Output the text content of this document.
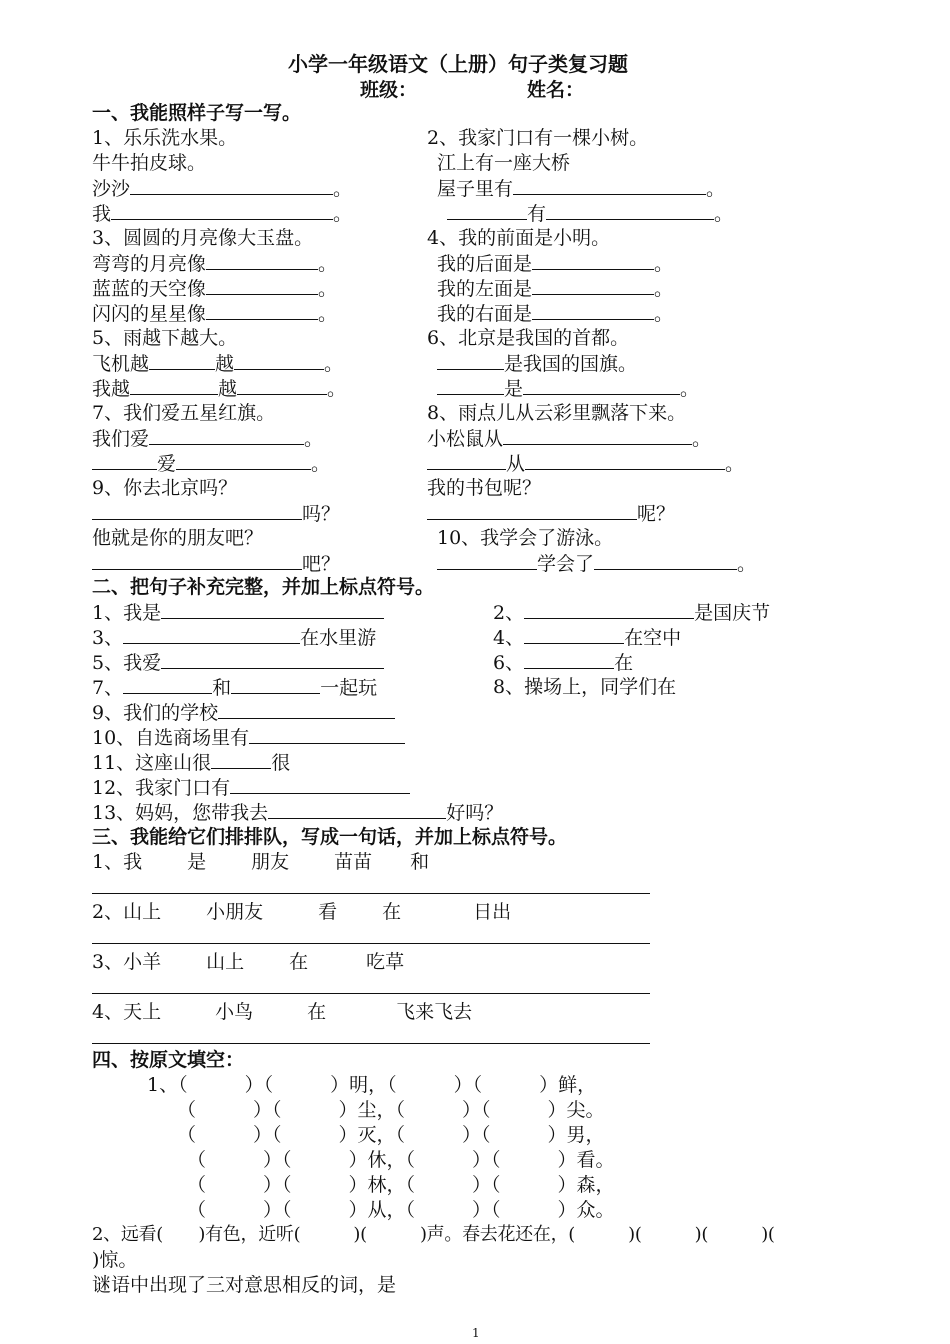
小学一年级语文（上册）句子类复习题
班级：	姓名：
一、我能照样子写一写。
1、乐乐洗水果。
牛牛拍皮球。
沙沙	。
我	。
2、我家门口有一棵小树。
江上有一座大桥
屋子里有	。
有	。
3、圆圆的月亮像大玉盘。
弯弯的月亮像	。
蓝蓝的天空像	。
闪闪的星星像	。
4、我的前面是小明。
我的后面是	。
我的左面是	。
我的右面是	。
5、雨越下越大。
飞机越	越	。
我越	越	。
6、北京是我国的首都。
是我国的国旗。
是	。
7、我们爱五星红旗。
我们爱	。
爱	。
8、雨点儿从云彩里飘落下来。
小松鼠从	。
从	。
9、你去北京吗？
吗？
他就是你的朋友吧？
吧？
我的书包呢？
呢？
10、我学会了游泳。
学会了	。
二、把句子补充完整，并加上标点符号。
1、我是	2、	是国庆节
3、	在水里游	4、	在空中
5、我爱	6、	在
7、	和	一起玩	8、操场上，同学们在
9、我们的学校
10、自选商场里有
11、这座山很	很
12、我家门口有
13、妈妈，您带我去	好吗？
三、我能给它们排排队，写成一句话，并加上标点符号。
1、我 是 朋友 苗苗 和
2、山上 小朋友	看 在	日出
3、小羊 山上 在	吃草
4、天上	小鸟	在	飞来飞去
四、按原文填空：
1、（　　　）（　　　）明，（　　　）（　　　）鲜，
（　　　）（　　　）尘，（　　　）（　　　）尖。
（　　　）（　　　）灭，（　　　）（　　　）男，
（　　　）（　　　）休，（　　　）（　　　）看。
（　　　）（　　　）林，（　　　）（　　　）森，
（　　　）（　　　）从，（　　　）（　　　）众。
2、远看(　　)有色，近听(　　　)(　　　)声。春去花还在，(　　　)(　　　)(　　　)(
)惊。
谜语中出现了三对意思相反的词，是
1
